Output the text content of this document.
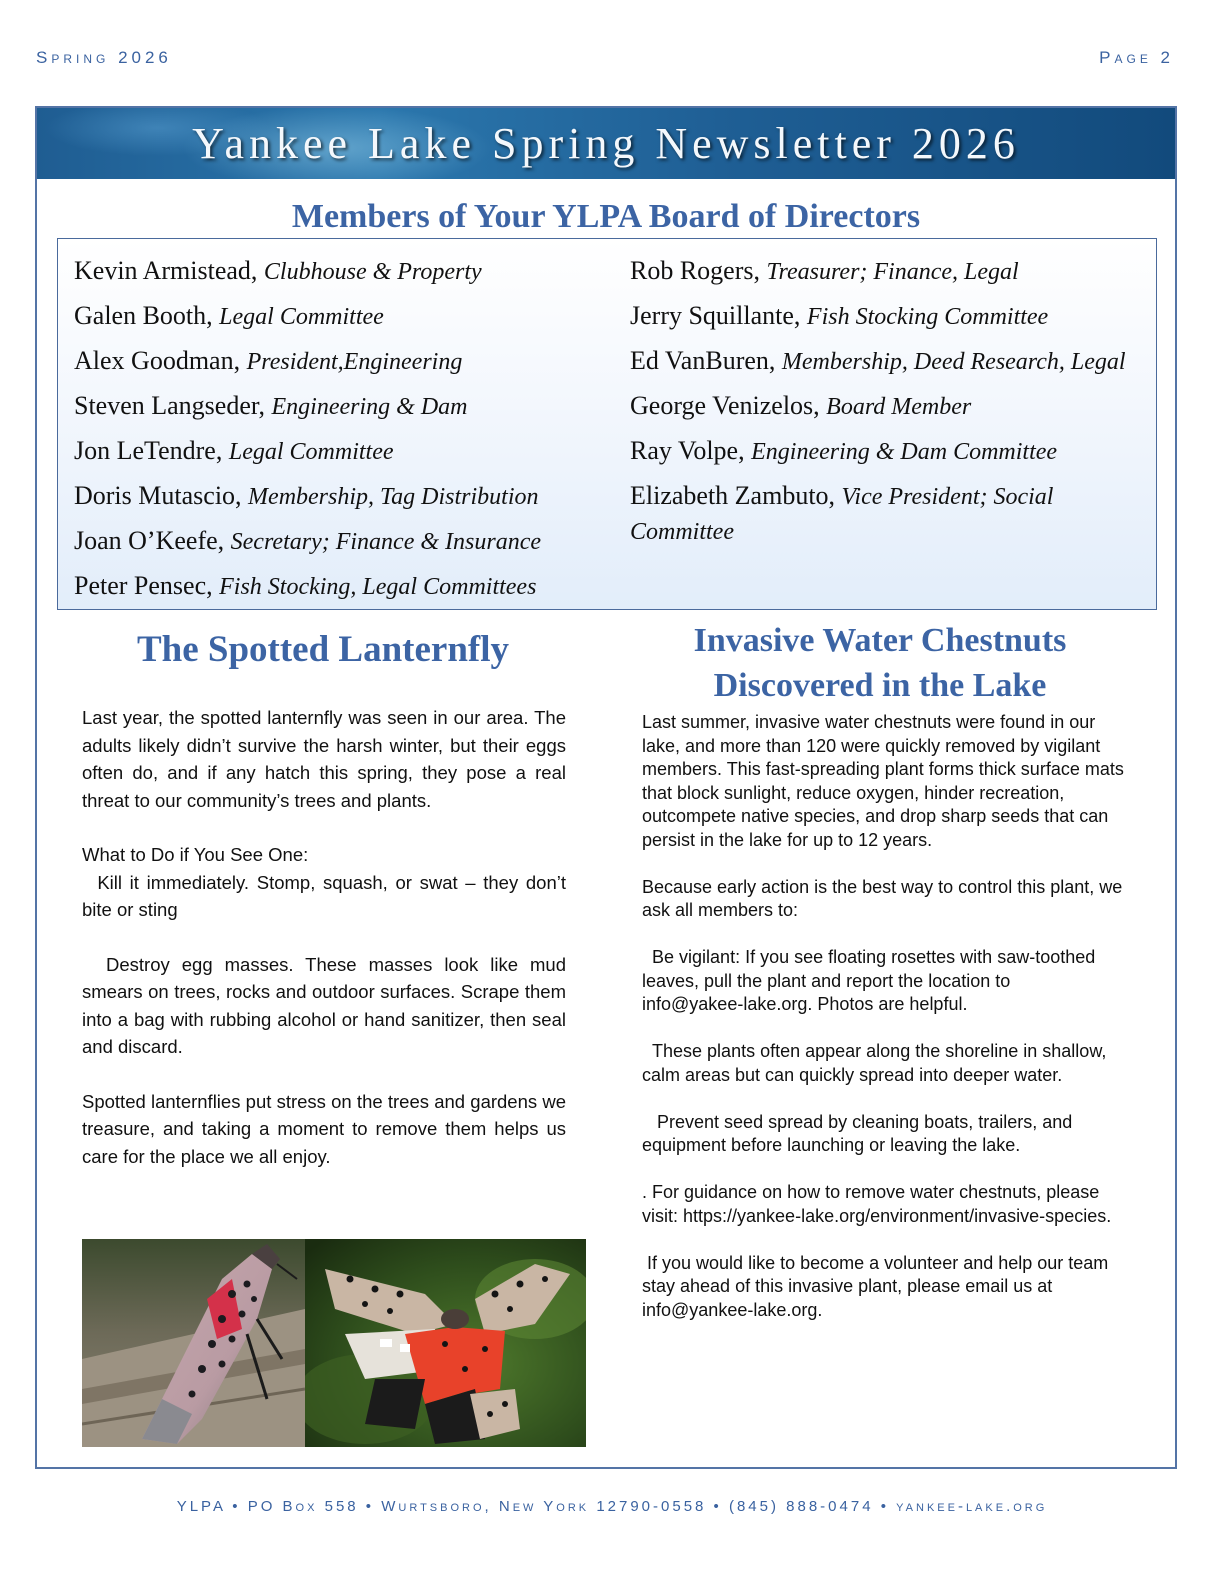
Spring 2026	Page 2
Yankee Lake Spring Newsletter 2026
Members of Your YLPA Board of Directors
Kevin Armistead, Clubhouse & Property
Galen Booth, Legal Committee
Alex Goodman, President,Engineering
Steven Langseder, Engineering & Dam
Jon LeTendre, Legal Committee
Doris Mutascio, Membership, Tag Distribution
Joan O’Keefe, Secretary; Finance & Insurance
Peter Pensec, Fish Stocking, Legal Committees
Rob Rogers, Treasurer; Finance, Legal
Jerry Squillante, Fish Stocking Committee
Ed VanBuren, Membership, Deed Research, Legal
George Venizelos, Board Member
Ray Volpe, Engineering & Dam Committee
Elizabeth Zambuto, Vice President; Social Committee
The Spotted Lanternfly

Last year, the spotted lanternfly was seen in our area. The adults likely didn’t survive the harsh winter, but their eggs often do, and if any hatch this spring, they pose a real threat to our community’s trees and plants.

What to Do if You See One:

Kill it immediately. Stomp, squash, or swat – they don’t bite or sting

Destroy egg masses. These masses look like mud smears on trees, rocks and outdoor surfaces. Scrape them into a bag with rubbing alcohol or hand sanitizer, then seal and discard.

Spotted lanternflies put stress on the trees and gardens we treasure, and taking a moment to remove them helps us care for the place we all enjoy.

Invasive Water Chestnuts
Discovered in the Lake

Last summer, invasive water chestnuts were found in our lake, and more than 120 were quickly removed by vigilant members. This fast-spreading plant forms thick surface mats that block sunlight, reduce oxygen, hinder recreation, outcompete native species, and drop sharp seeds that can persist in the lake for up to 12 years.

Because early action is the best way to control this plant, we ask all members to:

Be vigilant: If you see floating rosettes with saw-toothed leaves, pull the plant and report the location to

info@yakee-lake.org. Photos are helpful.

These plants often appear along the shoreline in shallow, calm areas but can quickly spread into deeper water.

Prevent seed spread by cleaning boats, trailers, and equipment before launching or leaving the lake.

. For guidance on how to remove water chestnuts, please visit: https://yankee-lake.org/environment/invasive-species.

If you would like to become a volunteer and help our team stay ahead of this invasive plant, please email us at info@yankee-lake.org.

YLPA • PO Box 558 • Wurtsboro, New York 12790-0558 • (845) 888-0474 • yankee-lake.org
